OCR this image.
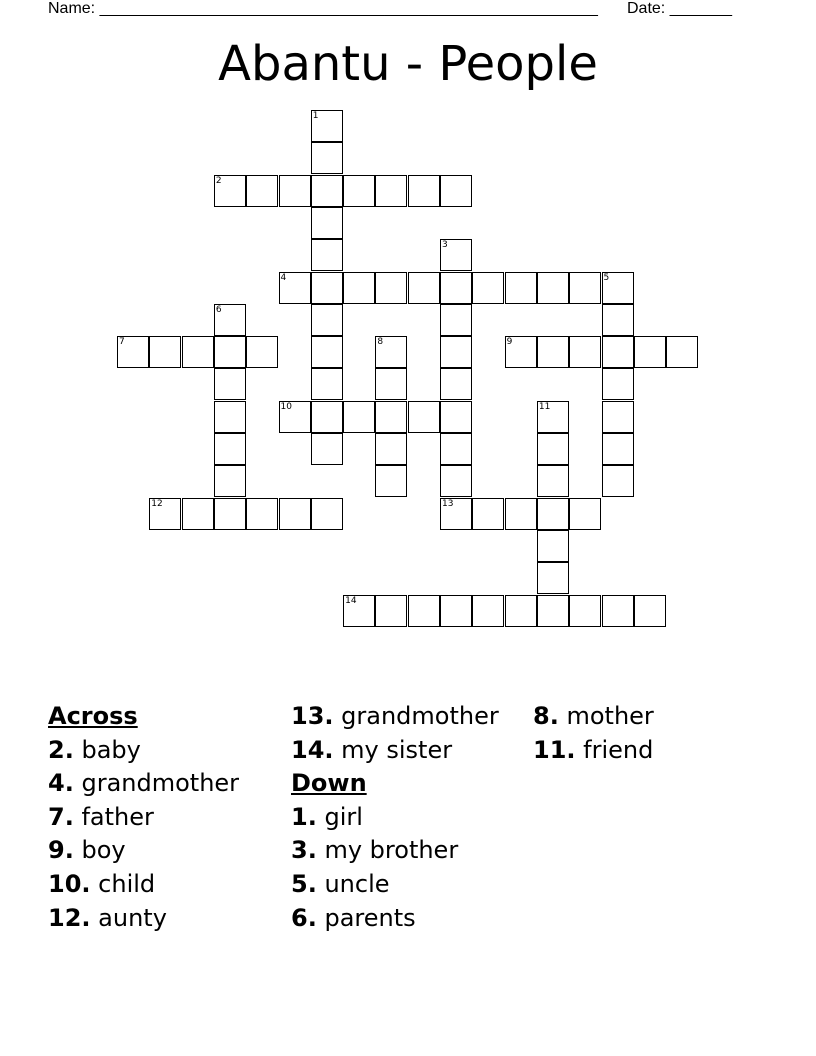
Name: ________________________________________________________ Date: _______
Abantu - People
1
2
3
13
4	5
6
7	8	9
10	11
12
14
Across
2. baby
4. grandmother
7. father
9. boy
10. child
12. aunty
13. grandmother
14. my sister
Down
1. girl
3. my brother
5. uncle
6. parents
8. mother
11. friend
